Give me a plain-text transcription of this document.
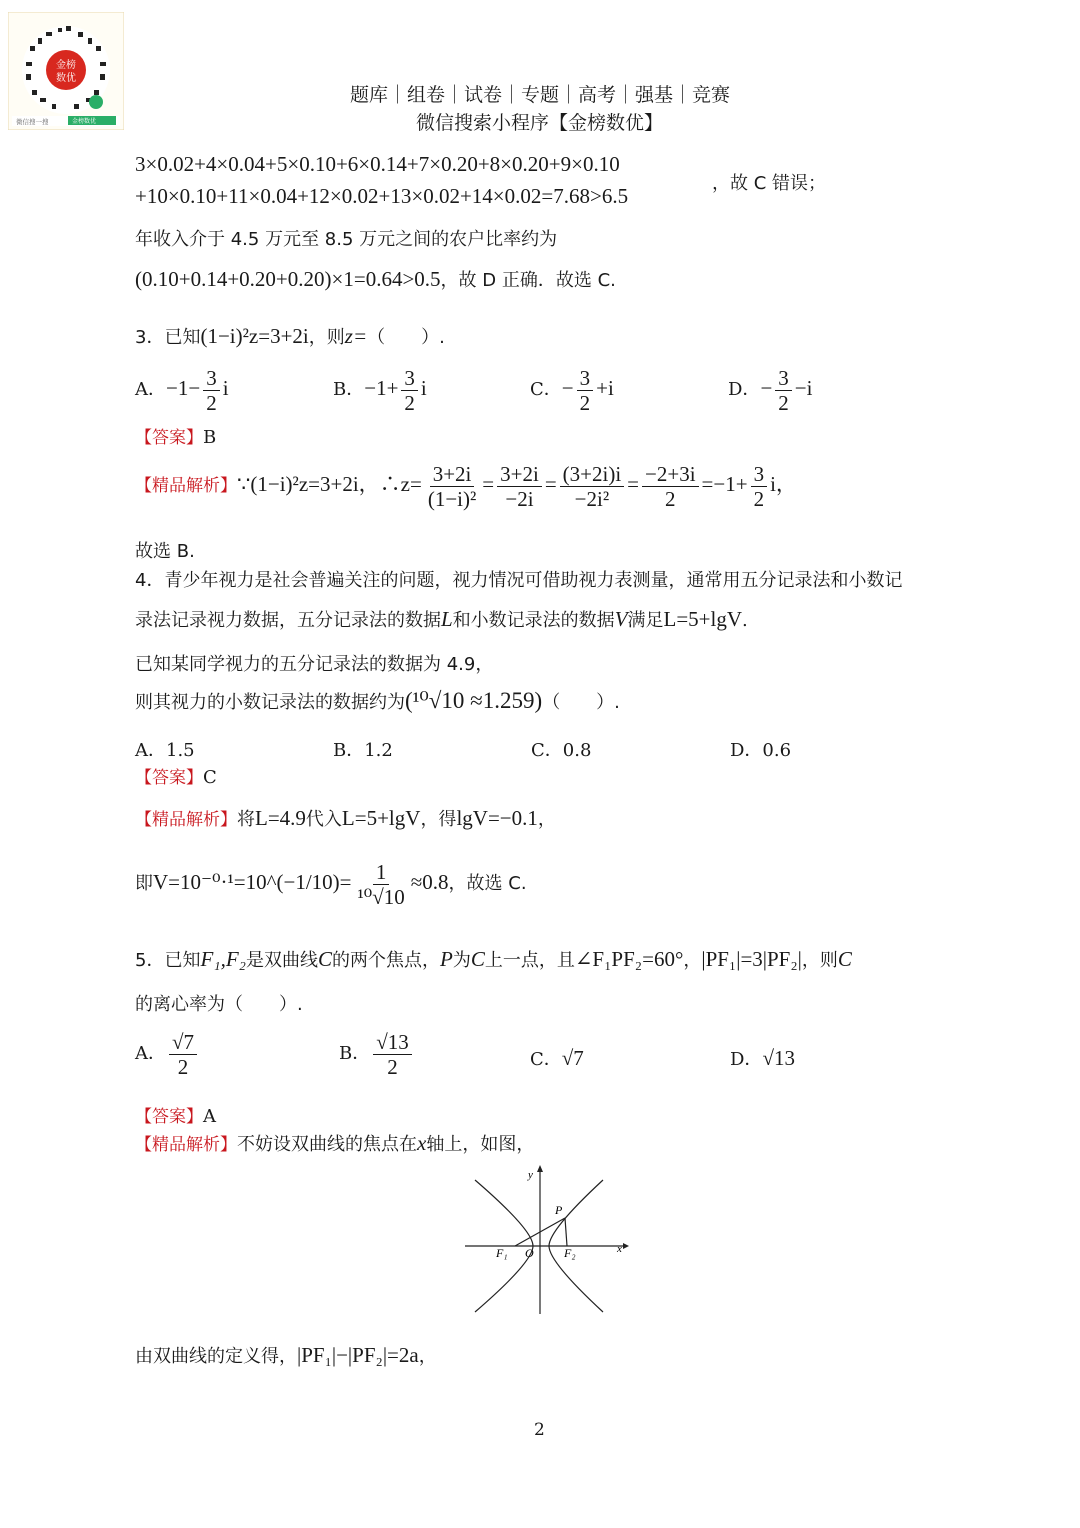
金榜
数优
微信搜一搜	金榜数优
题库｜组卷｜试卷｜专题｜高考｜强基｜竞赛
微信搜索小程序【金榜数优】
3×0.02+4×0.04+5×0.10+6×0.14+7×0.20+8×0.20+9×0.10
+10×0.10+11×0.04+12×0.02+13×0.02+14×0.02=7.68>6.5
，故 C 错误；
年收入介于 4.5 万元至 8.5 万元之间的农户比率约为
(0.10+0.14+0.20+0.20)×1=0.64>0.5，故 D 正确．故选 C.
3．已知(1−i)²z=3+2i，则z=（　　）.
A．$-1- \frac{3}{2}$ i	B．$-1+ \frac{3}{2}$ i	C．− $\frac{3}{2} +i$	D．− $\frac{3}{2} -i$
【答案】B
【精品解析】∵(1−i)²z=3+2i，∴z= $\frac{3+2i}{\text{(1−i)²}} = \frac{3+2i}{-2i} = \frac{(3+2i)i}{\text{−2i²}} = \frac{-2+3i}{2} =-1+ \frac{3}{2}$ i，
故选 B.
4．青少年视力是社会普遍关注的问题，视力情况可借助视力表测量，通常用五分记录法和小数记
录法记录视力数据，五分记录法的数据L和小数记录法的数据V满足L=5+lgV.
已知某同学视力的五分记录法的数据为 4.9，
则其视力的小数记录法的数据约为(¹⁰√10 ≈1.259)（　　）.
A．1.5	B．1.2	C．0.8	D．0.6
【答案】C
【精品解析】将L=4.9代入L=5+lgV，得lgV=−0.1，
即V=10⁻⁰·¹=10^(−1/10)= $\frac{1}{\text{¹⁰√10}} \approx 0.8$，故选 C.
5．已知F₁,F₂是双曲线C的两个焦点，P为C上一点，且∠F₁PF₂=60°，|PF₁|=3|PF₂|，则C
的离心率为（　　）.
A． $\frac{√7}{2}$	B． $\frac{√13}{2}$	C．√7	D．√13
【答案】A
【精品解析】不妨设双曲线的焦点在x轴上，如图，
y
x
P
F₁ O	F₂
由双曲线的定义得，|PF₁|−|PF₂|=2a，
2
